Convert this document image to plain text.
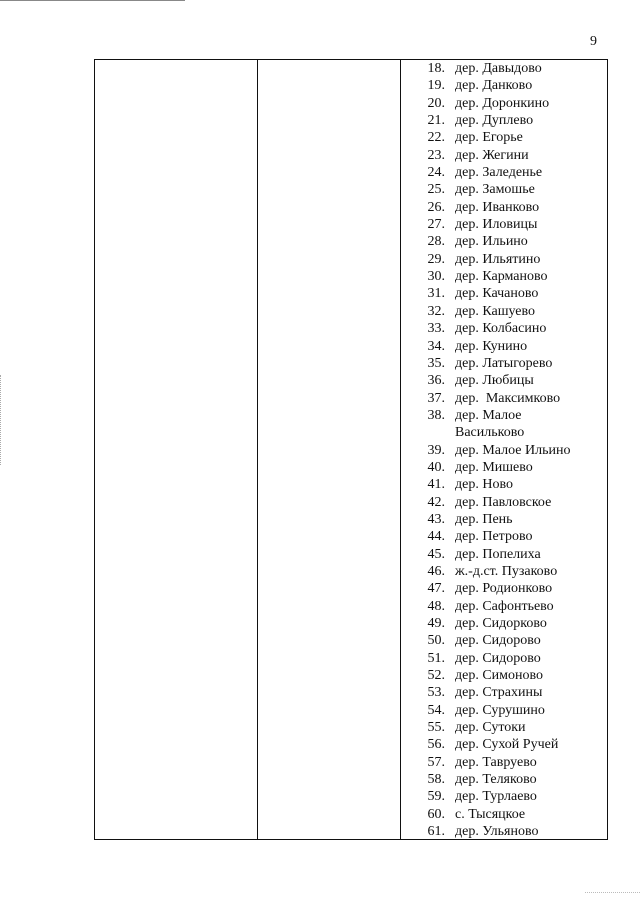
9
18. дер. Давыдово
19. дер. Данково
20. дер. Доронкино
21. дер. Дуплево
22. дер. Егорье
23. дер. Жегини
24. дер. Заледенье
25. дер. Замошье
26. дер. Иванково
27. дер. Иловицы
28. дер. Ильино
29. дер. Ильятино
30. дер. Карманово
31. дер. Качаново
32. дер. Кашуево
33. дер. Колбасино
34. дер. Кунино
35. дер. Латыгорево
36. дер. Любицы
37. дер.  Максимково
38. дер. Малое
Васильково
39. дер. Малое Ильино
40. дер. Мишево
41. дер. Ново
42. дер. Павловское
43. дер. Пень
44. дер. Петрово
45. дер. Попелиха
46. ж.-д.ст. Пузаково
47. дер. Родионково
48. дер. Сафонтьево
49. дер. Сидорково
50. дер. Сидорово
51. дер. Сидорово
52. дер. Симоново
53. дер. Страхины
54. дер. Сурушино
55. дер. Сутоки
56. дер. Сухой Ручей
57. дер. Тавруево
58. дер. Теляково
59. дер. Турлаево
60. с. Тысяцкое
61. дер. Ульяново
